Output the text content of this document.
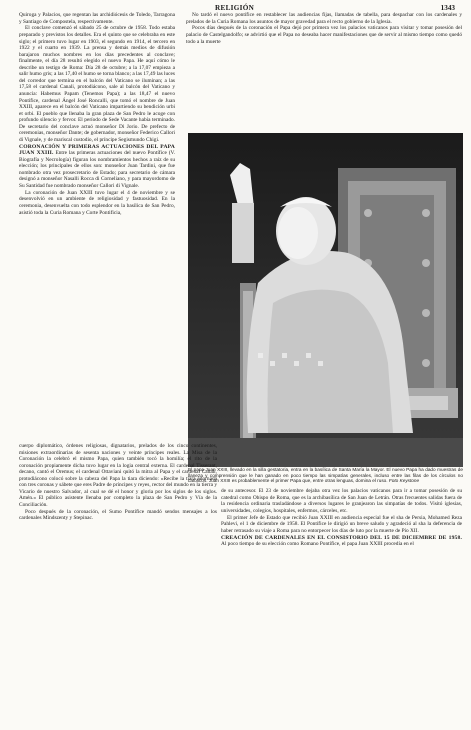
RELIGIÓN	1343

Quiroga y Palacios, que regentan las archidiócesis de Toledo, Tarragona y Santiago de Compostela, respectivamente.

El conclave comenzó el sábado 25 de octubre de 1958. Todo estaba preparado y previstos los detalles. Era el quinto que se celebraba en este siglo; el primero tuvo lugar en 1903, el segundo en 1914, el tercero en 1922 y el cuarto en 1939. La prensa y demás medios de difusión barajaron muchos nombres en los días precedentes al conclave; finalmente, el día 28 resultó elegido el nuevo Papa. He aquí cómo le describe un testigo de Roma: Día 28 de octubre; a la 17,07 empieza a salir humo gris; a las 17,40 el humo se torna blanco; a las 17,49 las luces del corredor que termina en el balcón del Vaticano se iluminan; a las 17,58 el cardenal Canali, protodiácono, sale al balcón del Vaticano y anuncia: Habemus Papam (Tenemos Papa); a las 18,47 el nuevo Pontífice, cardenal Ángel José Roncalli, que tomó el nombre de Juan XXIII, aparece en el balcón del Vaticano impartiendo su bendición urbi et orbi. El pueblo que llenaba la gran plaza de San Pedro le acoge con profundo silencio y fervor. El período de Sede Vacante había terminado. De secretario del conclave actuó monseñor Di Jorio. De prefecto de ceremonias, monseñor Dante; de gobernador, monseñor Federico Callori di Vignale, y de mariscal custodio, el príncipe Segismundo Chigi.

CORONACIÓN Y PRIMERAS ACTUACIONES DEL PAPA JUAN XXIII. Entre las primeras actuaciones del nuevo Pontífice (V. Biografía y Necrología) figuran los nombramientos hechos a raíz de su elección; los principales de ellos son: monseñor Juan Tardini, que fue nombrado otra vez prosecretario de Estado; para secretario de cámara designó a monseñor Nasalli Rocca di Corneliano, y para mayordomo de Su Santidad fue nombrado monseñor Callori di Vignale.

La coronación de Juan XXIII tuvo lugar el 4 de noviembre y se desenvolvió en un ambiente de religiosidad y fastuosidad. En la ceremonia, desenvuelta con todo esplendor en la basílica de San Pedro, asistió toda la Curia Romana y Corte Pontificia,

No tardó el nuevo pontífice en restablecer las audiencias fijas, llamadas de tabella, para despachar con los cardenales y prelados de la Curia Romana los asuntos de mayor gravedad para el recto gobierno de la Iglesia.

Pocos días después de la coronación el Papa dejó por primera vez los palacios vaticanos para visitar y tomar posesión del palacio de Castelgandolfo; se advirtió que el Papa no deseaba hacer manifestaciones que de servir al mismo tiempo como quedó todo a la muerte

El papa Juan XXIII, llevado en la silla gestatoria, entra en la basílica de Santa María la Mayor. El nuevo Papa ha dado muestras de llaneza y comprensión que le han ganado en poco tiempo las simpatías generales, incluso entre las filas de los círculos no católicos. Juan XXIII es probablemente el primer Papa que, entre otras lenguas, domina el ruso. Foto Keystone

cuerpo diplomático, órdenes religiosas, dignatarios, prelados de los cinco continentes, misiones extraordinarias de sesenta naciones y veinte príncipes reales. La Misa de la Coronación la celebró el mismo Papa, quien también tocó la homilía; el rito de la coronación propiamente dicha tuvo lugar en la logia central externa. El cardenal Tisserant, decano, cantó el Oremus; el cardenal Ottaviani quitó la mitra al Papa y el cardenal Canali, protodiácono colocó sobre la cabeza del Papa la tiara diciendo: «Recibe la tiara adornada con tres coronas y sábete que eres Padre de príncipes y reyes, rector del mundo en la tierra y Vicario de nuestro Salvador, al cual se dé el honor y gloria por los siglos de los siglos. Amén.» El público asistente llenaba por completo la plaza de San Pedro y Vía de la Conciliación.

Poco después de la coronación, el Sumo Pontífice mandó sendos mensajes a los cardenales Mindszenty y Stepinac.

de su antecesor. El 23 de noviembre dejaba otra vez los palacios vaticanos para ir a tomar posesión de su catedral como Obispo de Roma, que es la archibasílica de San Juan de Letrán. Otras frecuentes salidas fuera de la residencia ordinaria trasladándose a diversos lugares le granjearon las simpatías de todos. Visitó iglesias, universidades, colegios, hospitales, enfermos, cárceles, etc.

El primer Jefe de Estado que recibió Juan XXIII en audiencia especial fue el sha de Persia, Mohamed Reza Pahlevi, el 1 de diciembre de 1958. El Pontífice le dirigió un breve saludo y agradeció al sha la deferencia de haber retrasado su viaje a Roma para no entorpecer los días de luto por la muerte de Pío XII.

CREACIÓN DE CARDENALES EN EL CONSISTORIO DEL 15 DE DICIEMBRE DE 1958. Al poco tiempo de su elección como Romano Pontífice, el papa Juan XXIII procedía en el
